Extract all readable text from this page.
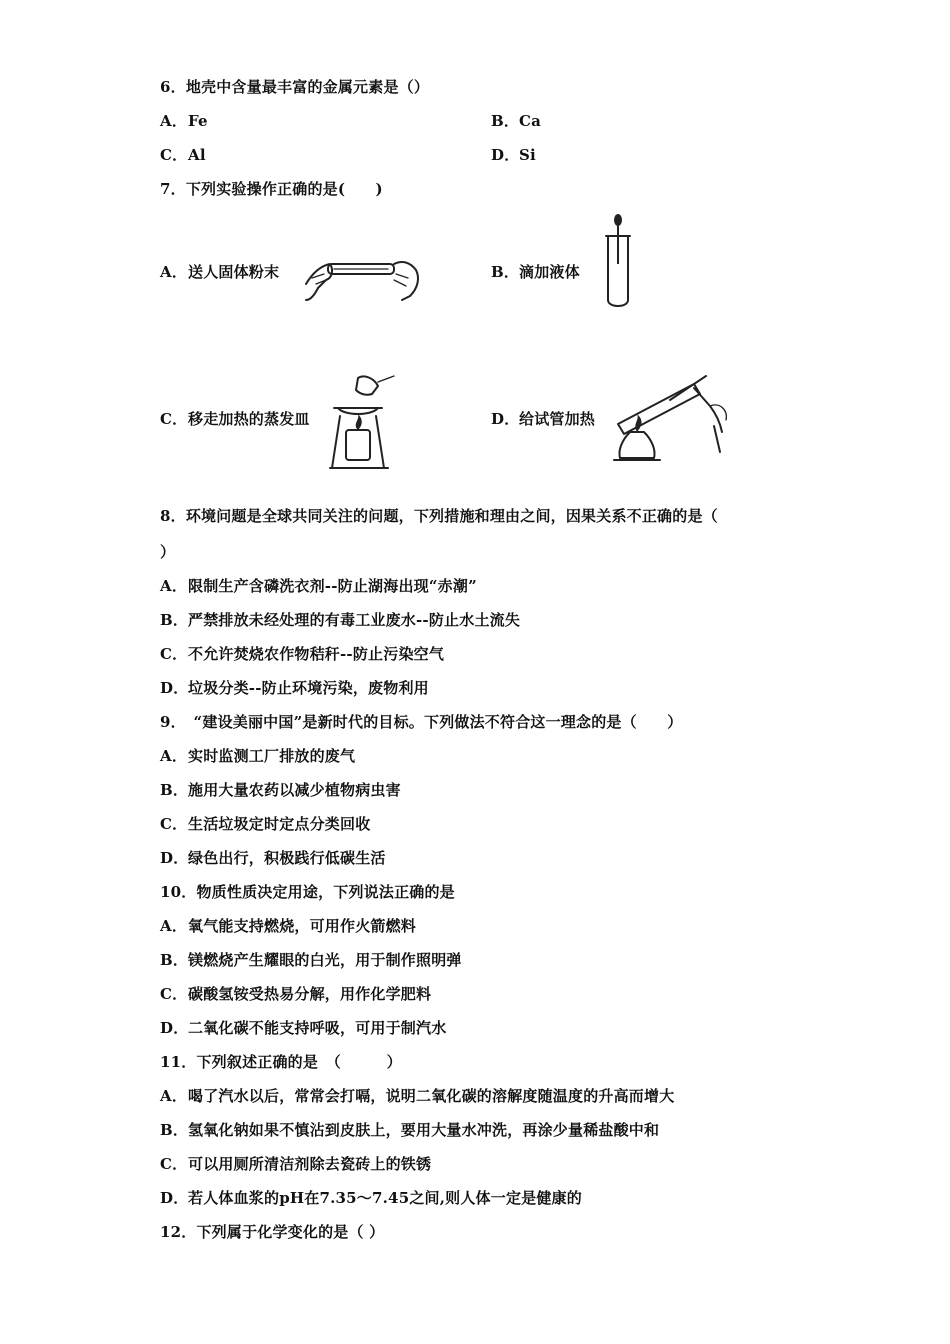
6．地壳中含量最丰富的金属元素是（）
A．Fe	B．Ca
C．Al	D．Si
7．下列实验操作正确的是(　　)
A．送人固体粉末	B．滴加液体
C．移走加热的蒸发皿	D．给试管加热
8．环境问题是全球共同关注的问题，下列措施和理由之间，因果关系不正确的是（
）
A．限制生产含磷洗衣剂--防止湖海出现“赤潮”
B．严禁排放未经处理的有毒工业废水--防止水土流失
C．不允许焚烧农作物秸秆--防止污染空气
D．垃圾分类--防止环境污染，废物利用
9．　“建设美丽中国”是新时代的目标。下列做法不符合这一理念的是（　　）
A．实时监测工厂排放的废气
B．施用大量农药以减少植物病虫害
C．生活垃圾定时定点分类回收
D．绿色出行，积极践行低碳生活
10．物质性质决定用途，下列说法正确的是
A．氧气能支持燃烧，可用作火箭燃料
B．镁燃烧产生耀眼的白光，用于制作照明弹
C．碳酸氢铵受热易分解，用作化学肥料
D．二氧化碳不能支持呼吸，可用于制汽水
11．下列叙述正确的是　（　　　）
A．喝了汽水以后，常常会打嗝，说明二氧化碳的溶解度随温度的升高而增大
B．氢氧化钠如果不慎沾到皮肤上，要用大量水冲洗，再涂少量稀盐酸中和
C．可以用厕所清洁剂除去瓷砖上的铁锈
D．若人体血浆的pH在7.35～7.45之间,则人体一定是健康的
12．下列属于化学变化的是（ ）
